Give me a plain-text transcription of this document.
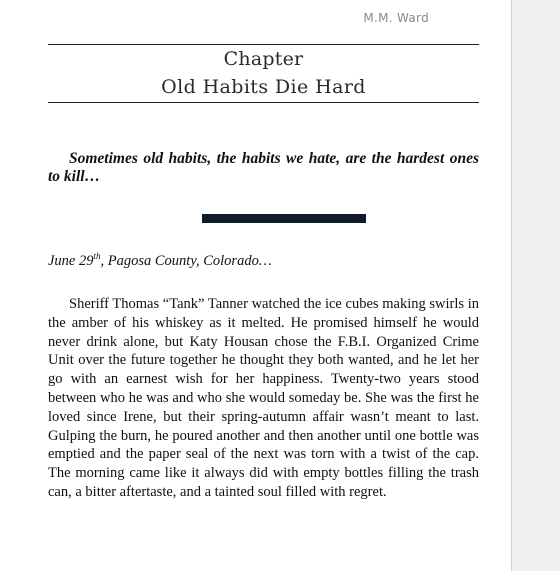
M.M. Ward
Chapter
Old Habits Die Hard
Sometimes old habits, the habits we hate, are the hardest ones to kill…
June 29th, Pagosa County, Colorado…

Sheriff Thomas “Tank” Tanner watched the ice cubes making swirls in the amber of his whiskey as it melted. He promised himself he would never drink alone, but Katy Housan chose the F.B.I. Organized Crime Unit over the future together he thought they both wanted, and he let her go with an earnest wish for her happiness. Twenty-two years stood between who he was and who she would someday be. She was the first he loved since Irene, but their spring-autumn affair wasn’t meant to last. Gulping the burn, he poured another and then another until one bottle was emptied and the paper seal of the next was torn with a twist of the cap. The morning came like it always did with empty bottles filling the trash can, a bitter aftertaste, and a tainted soul filled with regret.
